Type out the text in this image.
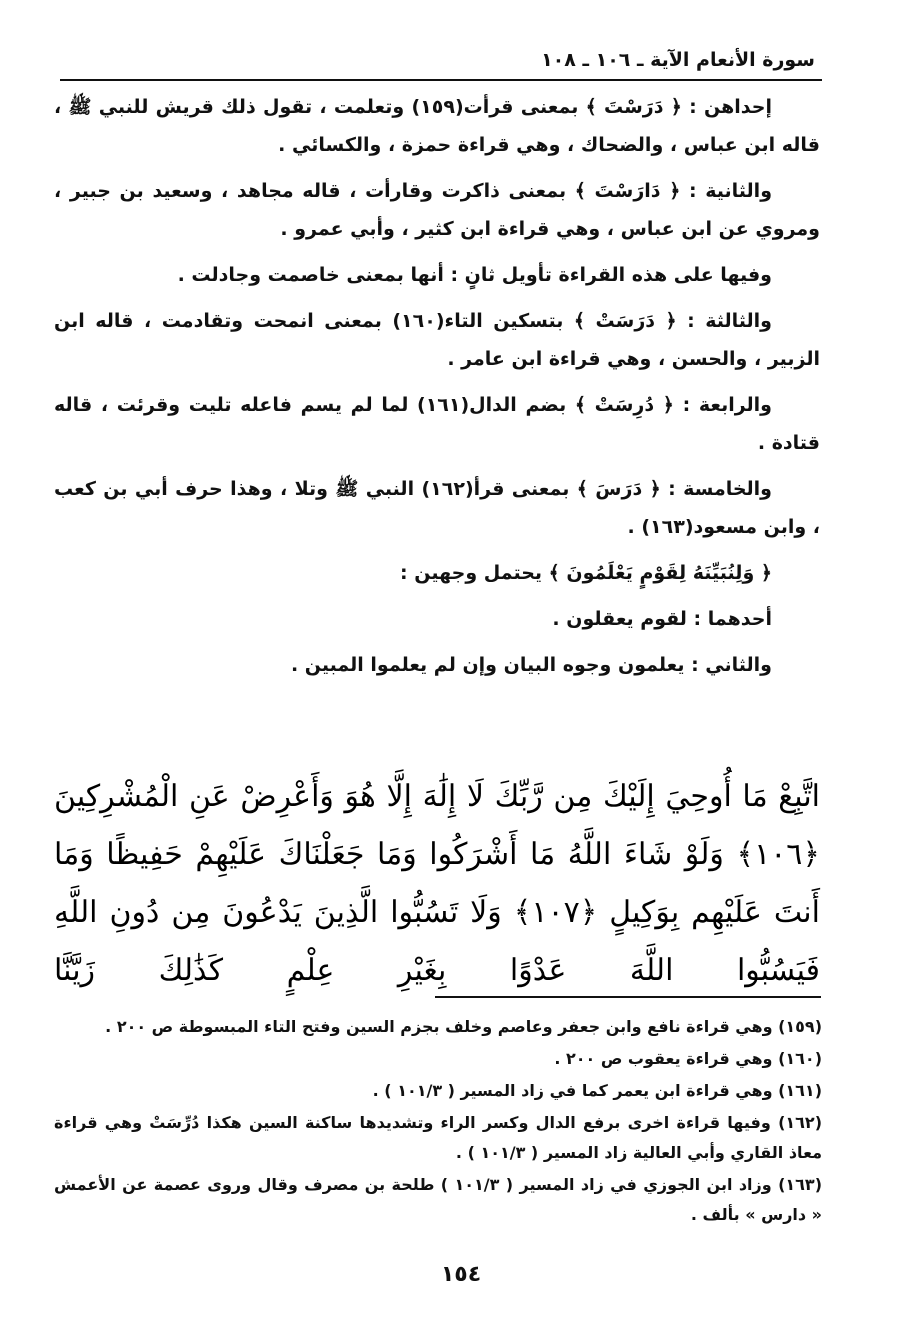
سورة الأنعام الآية ـ ١٠٦ ـ ١٠٨

إحداهن : ﴿ دَرَسْتَ ﴾ بمعنى قرأت(١٥٩) وتعلمت ، تقول ذلك قريش للنبي ﷺ ، قاله ابن عباس ، والضحاك ، وهي قراءة حمزة ، والكسائي .

والثانية : ﴿ دَارَسْتَ ﴾ بمعنى ذاكرت وقارأت ، قاله مجاهد ، وسعيد بن جبير ، ومروي عن ابن عباس ، وهي قراءة ابن كثير ، وأبي عمرو .

وفيها على هذه القراءة تأويل ثانٍ : أنها بمعنى خاصمت وجادلت .

والثالثة : ﴿ دَرَسَتْ ﴾ بتسكين التاء(١٦٠) بمعنى انمحت وتقادمت ، قاله ابن الزبير ، والحسن ، وهي قراءة ابن عامر .

والرابعة : ﴿ دُرِسَتْ ﴾ بضم الدال(١٦١) لما لم يسم فاعله تليت وقرئت ، قاله قتادة .

والخامسة : ﴿ دَرَسَ ﴾ بمعنى قرأ(١٦٢) النبي ﷺ وتلا ، وهذا حرف أبي بن كعب ، وابن مسعود(١٦٣) .

﴿ وَلِنُبَيِّنَهُ لِقَوْمٍ يَعْلَمُونَ ﴾ يحتمل وجهين :

أحدهما : لقوم يعقلون .

والثاني : يعلمون وجوه البيان وإن لم يعلموا المبين .

اتَّبِعْ مَا أُوحِيَ إِلَيْكَ مِن رَّبِّكَ لَا إِلَٰهَ إِلَّا هُوَ وَأَعْرِضْ عَنِ الْمُشْرِكِينَ ﴿١٠٦﴾ وَلَوْ شَاءَ اللَّهُ مَا أَشْرَكُوا وَمَا جَعَلْنَاكَ عَلَيْهِمْ حَفِيظًا وَمَا أَنتَ عَلَيْهِم بِوَكِيلٍ ﴿١٠٧﴾ وَلَا تَسُبُّوا الَّذِينَ يَدْعُونَ مِن دُونِ اللَّهِ فَيَسُبُّوا اللَّهَ عَدْوًا بِغَيْرِ عِلْمٍ كَذَٰلِكَ زَيَّنَّا

(١٥٩) وهي قراءة نافع وابن جعفر وعاصم وخلف بجزم السين وفتح التاء المبسوطة ص ٢٠٠ .

(١٦٠) وهي قراءة يعقوب ص ٢٠٠ .

(١٦١) وهي قراءة ابن يعمر كما في زاد المسير ( ١٠١/٣ ) .

(١٦٢) وفيها قراءة اخرى برفع الدال وكسر الراء وتشديدها ساكنة السين هكذا دُرِّسَتْ وهي قراءة معاذ القاري وأبي العالية زاد المسير ( ١٠١/٣ ) .

(١٦٣) وزاد ابن الجوزي في زاد المسير ( ١٠١/٣ ) طلحة بن مصرف وقال وروى عصمة عن الأعمش « دارس » بألف .

١٥٤
